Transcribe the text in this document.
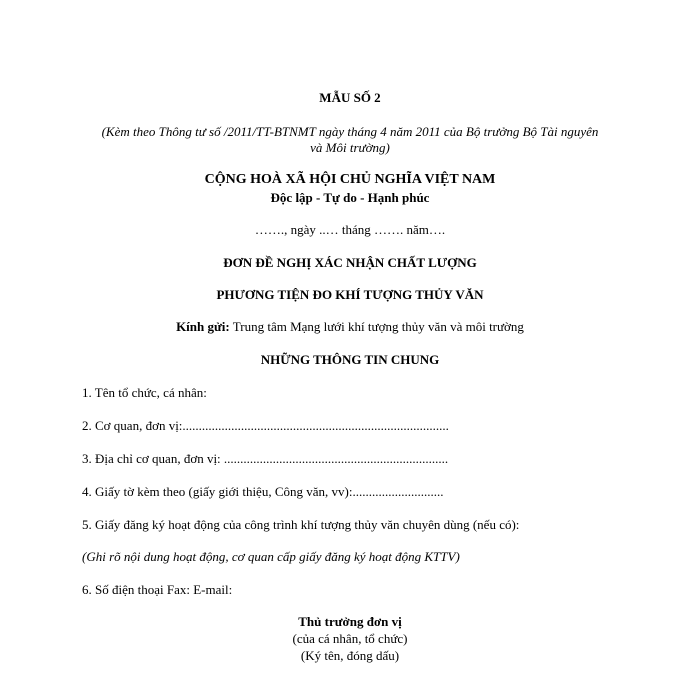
MẪU SỐ 2
(Kèm theo Thông tư số /2011/TT-BTNMT ngày tháng 4 năm 2011 của Bộ trưởng Bộ Tài nguyên
và Môi trường)
CỘNG HOÀ XÃ HỘI CHỦ NGHĨA VIỆT NAM
Độc lập - Tự do - Hạnh phúc
……., ngày ..… tháng ……. năm….
ĐƠN ĐỀ NGHỊ XÁC NHẬN CHẤT LƯỢNG
PHƯƠNG TIỆN ĐO KHÍ TƯỢNG THỦY VĂN
Kính gửi: Trung tâm Mạng lưới khí tượng thủy văn và môi trường
NHỮNG THÔNG TIN CHUNG
1. Tên tổ chức, cá nhân:
2. Cơ quan, đơn vị:..................................................................................
3. Địa chỉ cơ quan, đơn vị: .....................................................................
4. Giấy tờ kèm theo (giấy giới thiệu, Công văn, vv):............................
5. Giấy đăng ký hoạt động của công trình khí tượng thủy văn chuyên dùng (nếu có):
(Ghi rõ nội dung hoạt động, cơ quan cấp giấy đăng ký hoạt động KTTV)
6. Số điện thoại Fax: E-mail:
Thủ trưởng đơn vị
(của cá nhân, tổ chức)
(Ký tên, đóng dấu)
